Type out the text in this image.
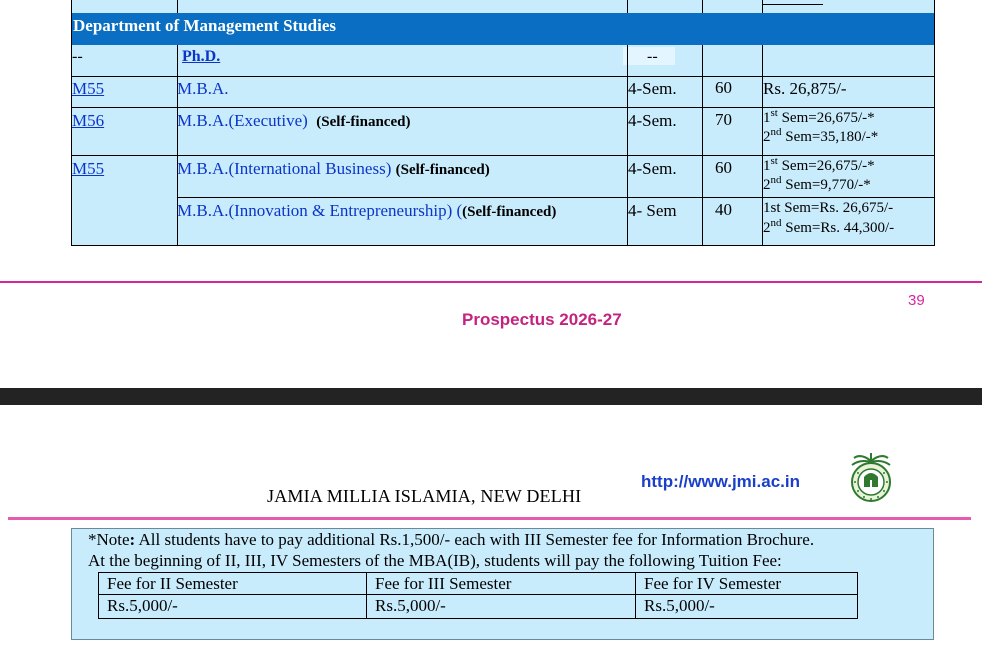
Department of Management Studies
--	Ph.D.	--
M55	M.B.A.	4-Sem. 60 Rs. 26,875/-
M56	M.B.A.(Executive) (Self-financed)	4-Sem. 70 1st Sem=26,675/-*
2nd Sem=35,180/-*
M55	M.B.A.(International Business) (Self-financed)	4-Sem. 60 1st Sem=26,675/-*
2nd Sem=9,770/-*
M.B.A.(Innovation & Entrepreneurship) ((Self-financed)	4- Sem 40 1st Sem=Rs. 26,675/-
2nd Sem=Rs. 44,300/-
39
Prospectus 2026-27
JAMIA MILLIA ISLAMIA, NEW DELHI
http://www.jmi.ac.in
*Note: All students have to pay additional Rs.1,500/- each with III Semester fee for Information Brochure.
At the beginning of II, III, IV Semesters of the MBA(IB), students will pay the following Tuition Fee:
Fee for II Semester	Fee for III Semester	Fee for IV Semester
Rs.5,000/-	Rs.5,000/-	Rs.5,000/-
